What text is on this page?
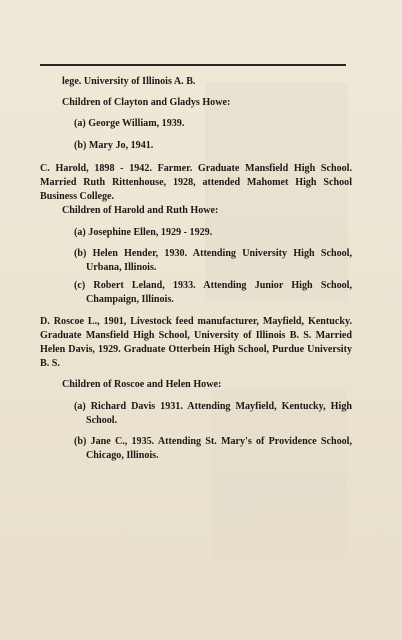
lege. University of Illinois A. B.

Children of Clayton and Gladys Howe:

(a) George William, 1939.

(b) Mary Jo, 1941.

C. Harold, 1898 - 1942. Farmer. Graduate Mansfield High School. Married Ruth Rittenhouse, 1928, attended Mahomet High School Business College.

Children of Harold and Ruth Howe:

(a) Josephine Ellen, 1929 - 1929.

(b) Helen Hender, 1930. Attending University High School, Urbana, Illinois.

(c) Robert Leland, 1933. Attending Junior High School, Champaign, Illinois.

D. Roscoe L., 1901, Livestock feed manufacturer, Mayfield, Kentucky. Graduate Mansfield High School, University of Illinois B. S. Married Helen Davis, 1929. Graduate Otterbein High School, Purdue University B. S.

Children of Roscoe and Helen Howe:

(a) Richard Davis 1931. Attending Mayfield, Kentucky, High School.

(b) Jane C., 1935. Attending St. Mary's of Providence School, Chicago, Illinois.
